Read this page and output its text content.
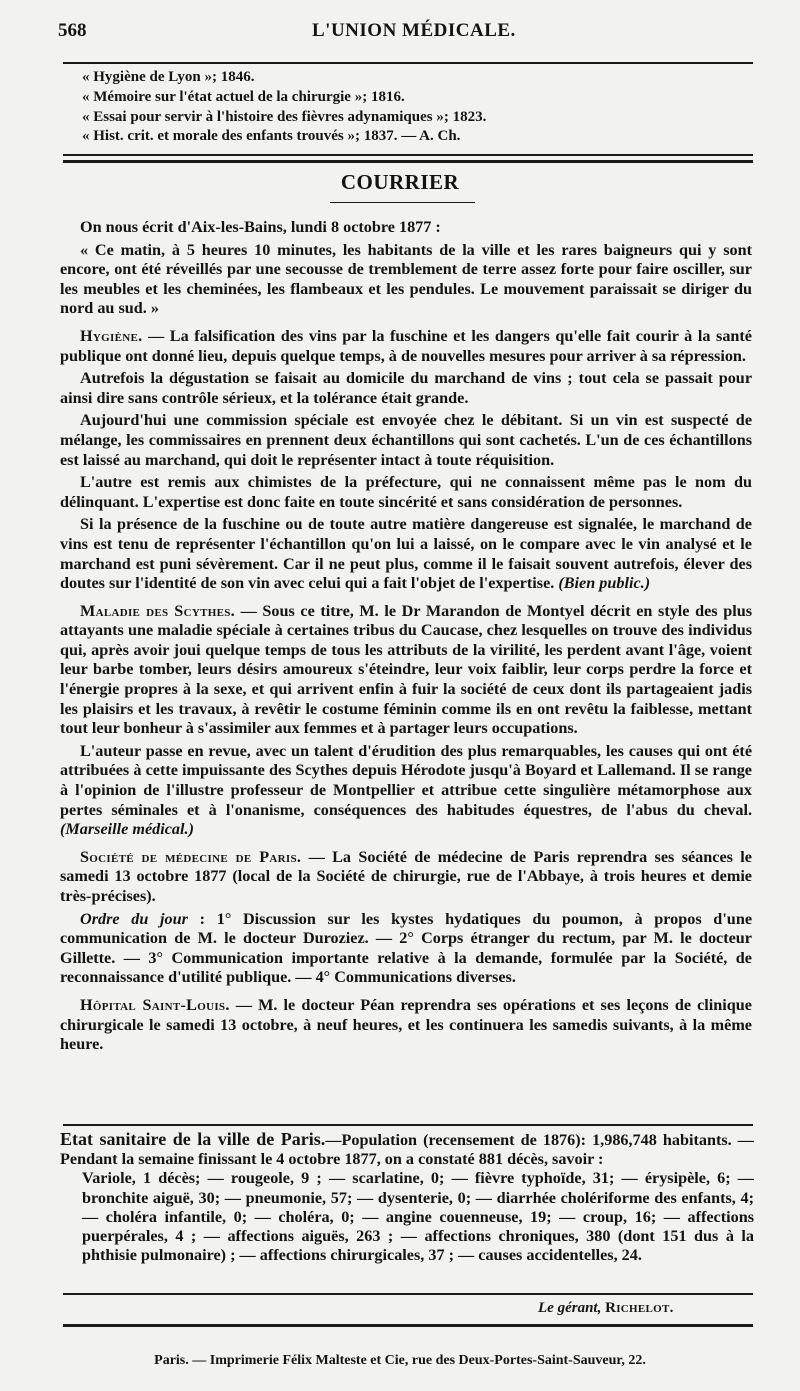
568	L'UNION MÉDICALE.
« Hygiène de Lyon »; 1846.
« Mémoire sur l'état actuel de la chirurgie »; 1816.
« Essai pour servir à l'histoire des fièvres adynamiques »; 1823.
« Hist. crit. et morale des enfants trouvés »; 1837. — A. Ch.
COURRIER

On nous écrit d'Aix-les-Bains, lundi 8 octobre 1877 :

« Ce matin, à 5 heures 10 minutes, les habitants de la ville et les rares baigneurs qui y sont encore, ont été réveillés par une secousse de tremblement de terre assez forte pour faire osciller, sur les meubles et les cheminées, les flambeaux et les pendules. Le mouvement paraissait se diriger du nord au sud. »

Hygiène. — La falsification des vins par la fuschine et les dangers qu'elle fait courir à la santé publique ont donné lieu, depuis quelque temps, à de nouvelles mesures pour arriver à sa répression.

Autrefois la dégustation se faisait au domicile du marchand de vins ; tout cela se passait pour ainsi dire sans contrôle sérieux, et la tolérance était grande.

Aujourd'hui une commission spéciale est envoyée chez le débitant. Si un vin est suspecté de mélange, les commissaires en prennent deux échantillons qui sont cachetés. L'un de ces échantillons est laissé au marchand, qui doit le représenter intact à toute réquisition.

L'autre est remis aux chimistes de la préfecture, qui ne connaissent même pas le nom du délinquant. L'expertise est donc faite en toute sincérité et sans considération de personnes.

Si la présence de la fuschine ou de toute autre matière dangereuse est signalée, le marchand de vins est tenu de représenter l'échantillon qu'on lui a laissé, on le compare avec le vin analysé et le marchand est puni sévèrement. Car il ne peut plus, comme il le faisait souvent autrefois, élever des doutes sur l'identité de son vin avec celui qui a fait l'objet de l'expertise. (Bien public.)

Maladie des Scythes. — Sous ce titre, M. le Dr Marandon de Montyel décrit en style des plus attayants une maladie spéciale à certaines tribus du Caucase, chez lesquelles on trouve des individus qui, après avoir joui quelque temps de tous les attributs de la virilité, les perdent avant l'âge, voient leur barbe tomber, leurs désirs amoureux s'éteindre, leur voix faiblir, leur corps perdre la force et l'énergie propres à la sexe, et qui arrivent enfin à fuir la société de ceux dont ils partageaient jadis les plaisirs et les travaux, à revêtir le costume féminin comme ils en ont revêtu la faiblesse, mettant tout leur bonheur à s'assimiler aux femmes et à partager leurs occupations.

L'auteur passe en revue, avec un talent d'érudition des plus remarquables, les causes qui ont été attribuées à cette impuissante des Scythes depuis Hérodote jusqu'à Boyard et Lallemand. Il se range à l'opinion de l'illustre professeur de Montpellier et attribue cette singulière métamorphose aux pertes séminales et à l'onanisme, conséquences des habitudes équestres, de l'abus du cheval. (Marseille médical.)

Société de médecine de Paris. — La Société de médecine de Paris reprendra ses séances le samedi 13 octobre 1877 (local de la Société de chirurgie, rue de l'Abbaye, à trois heures et demie très-précises).

Ordre du jour : 1° Discussion sur les kystes hydatiques du poumon, à propos d'une communication de M. le docteur Duroziez. — 2° Corps étranger du rectum, par M. le docteur Gillette. — 3° Communication importante relative à la demande, formulée par la Société, de reconnaissance d'utilité publique. — 4° Communications diverses.

Hôpital Saint-Louis. — M. le docteur Péan reprendra ses opérations et ses leçons de clinique chirurgicale le samedi 13 octobre, à neuf heures, et les continuera les samedis suivants, à la même heure.

Etat sanitaire de la ville de Paris.—Population (recensement de 1876): 1,986,748 habitants. — Pendant la semaine finissant le 4 octobre 1877, on a constaté 881 décès, savoir :

Variole, 1 décès; — rougeole, 9 ; — scarlatine, 0; — fièvre typhoïde, 31; — érysipèle, 6; — bronchite aiguë, 30; — pneumonie, 57; — dysenterie, 0; — diarrhée cholériforme des enfants, 4; — choléra infantile, 0; — choléra, 0; — angine couenneuse, 19; — croup, 16; — affections puerpérales, 4 ; — affections aiguës, 263 ; — affections chroniques, 380 (dont 151 dus à la phthisie pulmonaire) ; — affections chirurgicales, 37 ; — causes accidentelles, 24.

Le gérant, Richelot.
Paris. — Imprimerie Félix Malteste et Cie, rue des Deux-Portes-Saint-Sauveur, 22.
